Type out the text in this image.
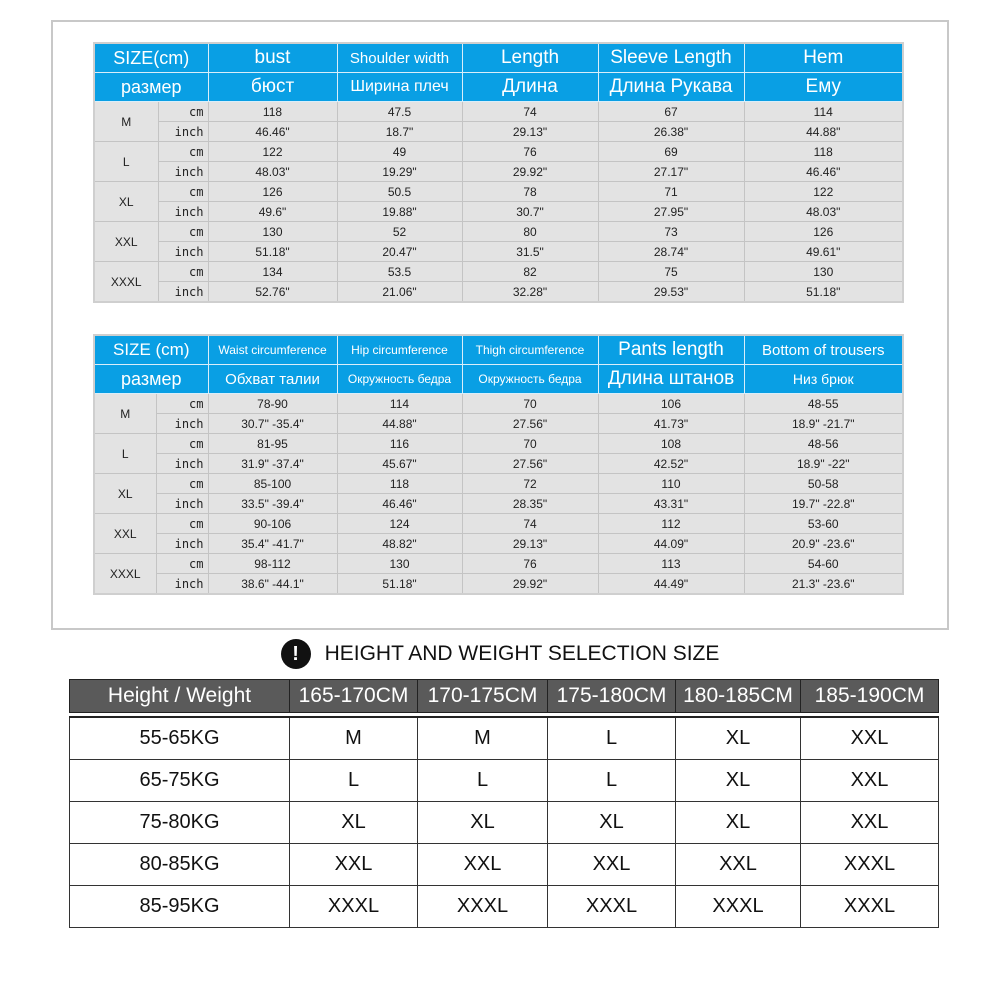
SIZE(cm)		bust	Shoulder width	Length	Sleeve Length	Hem
размер		бюст	Ширина плеч	Длина	Длина Рукава	Ему
M	cm	118	47.5	74	67	114
	inch	46.46"	18.7"	29.13"	26.38"	44.88"
L	cm	122	49	76	69	118
	inch	48.03"	19.29"	29.92"	27.17"	46.46"
XL	cm	126	50.5	78	71	122
	inch	49.6"	19.88"	30.7"	27.95"	48.03"
XXL	cm	130	52	80	73	126
	inch	51.18"	20.47"	31.5"	28.74"	49.61"
XXXL	cm	134	53.5	82	75	130
	inch	52.76"	21.06"	32.28"	29.53"	51.18"
SIZE (cm)		Waist circumference	Hip circumference	Thigh circumference	Pants length	Bottom of trousers
размер		Обхват талии	Окружность бедра	Окружность бедра	Длина штанов	Низ брюк
M	cm	78-90	114	70	106	48-55
	inch	30.7" -35.4"	44.88"	27.56"	41.73"	18.9" -21.7"
L	cm	81-95	116	70	108	48-56
	inch	31.9" -37.4"	45.67"	27.56"	42.52"	18.9" -22"
XL	cm	85-100	118	72	110	50-58
	inch	33.5" -39.4"	46.46"	28.35"	43.31"	19.7" -22.8"
XXL	cm	90-106	124	74	112	53-60
	inch	35.4" -41.7"	48.82"	29.13"	44.09"	20.9" -23.6"
XXXL	cm	98-112	130	76	113	54-60
	inch	38.6" -44.1"	51.18"	29.92"	44.49"	21.3" -23.6"
! HEIGHT AND WEIGHT SELECTION SIZE
Height / Weight	165-170CM	170-175CM	175-180CM	180-185CM	185-190CM

55-65KG	M	M	L	XL	XXL
65-75KG	L	L	L	XL	XXL
75-80KG	XL	XL	XL	XL	XXL
80-85KG	XXL	XXL	XXL	XXL	XXXL
85-95KG	XXXL	XXXL	XXXL	XXXL	XXXL
